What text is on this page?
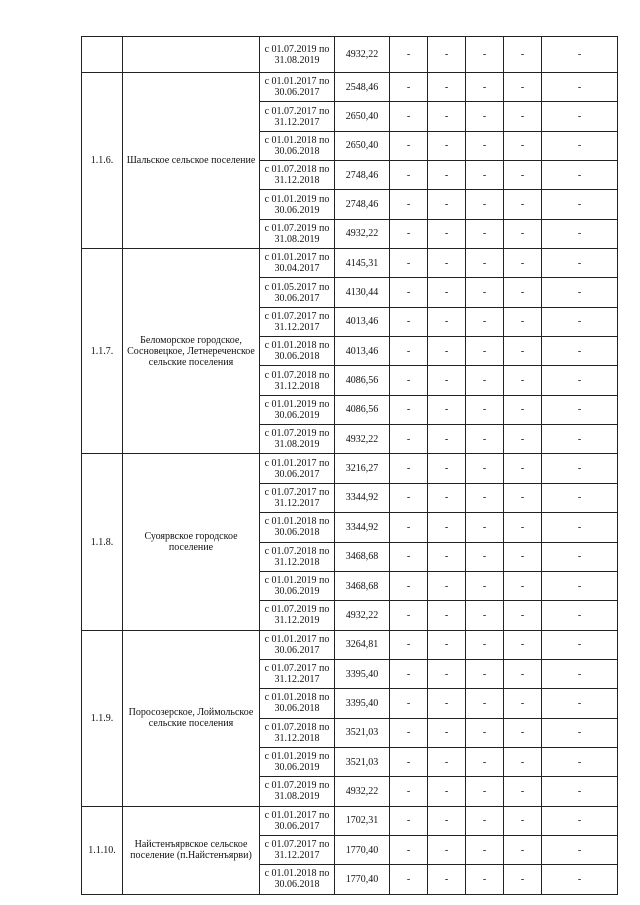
		с 01.07.2019 по 31.08.2019	4932,22	-	-	-	-	-
1.1.6.	Шальское сельское поселение	с 01.01.2017 по 30.06.2017	2548,46	-	-	-	-	-
		с 01.07.2017 по 31.12.2017	2650,40	-	-	-	-	-
		с 01.01.2018 по 30.06.2018	2650,40	-	-	-	-	-
		с 01.07.2018 по 31.12.2018	2748,46	-	-	-	-	-
		с 01.01.2019 по 30.06.2019	2748,46	-	-	-	-	-
		с 01.07.2019 по 31.08.2019	4932,22	-	-	-	-	-
1.1.7.	Беломорское городское, Сосновецкое, Летнереченское сельские поселения	с 01.01.2017 по 30.04.2017	4145,31	-	-	-	-	-
		с 01.05.2017 по 30.06.2017	4130,44	-	-	-	-	-
		с 01.07.2017 по 31.12.2017	4013,46	-	-	-	-	-
		с 01.01.2018 по 30.06.2018	4013,46	-	-	-	-	-
		с 01.07.2018 по 31.12.2018	4086,56	-	-	-	-	-
		с 01.01.2019 по 30.06.2019	4086,56	-	-	-	-	-
		с 01.07.2019 по 31.08.2019	4932,22	-	-	-	-	-
1.1.8.	Суоярвское городское поселение	с 01.01.2017 по 30.06.2017	3216,27	-	-	-	-	-
		с 01.07.2017 по 31.12.2017	3344,92	-	-	-	-	-
		с 01.01.2018 по 30.06.2018	3344,92	-	-	-	-	-
		с 01.07.2018 по 31.12.2018	3468,68	-	-	-	-	-
		с 01.01.2019 по 30.06.2019	3468,68	-	-	-	-	-
		с 01.07.2019 по 31.12.2019	4932,22	-	-	-	-	-
1.1.9.	Поросозерское, Лоймольское сельские поселения	с 01.01.2017 по 30.06.2017	3264,81	-	-	-	-	-
		с 01.07.2017 по 31.12.2017	3395,40	-	-	-	-	-
		с 01.01.2018 по 30.06.2018	3395,40	-	-	-	-	-
		с 01.07.2018 по 31.12.2018	3521,03	-	-	-	-	-
		с 01.01.2019 по 30.06.2019	3521,03	-	-	-	-	-
		с 01.07.2019 по 31.08.2019	4932,22	-	-	-	-	-
1.1.10.	Найстенъярвское сельское поселение (п.Найстенъярви)	с 01.01.2017 по 30.06.2017	1702,31	-	-	-	-	-
		с 01.07.2017 по 31.12.2017	1770,40	-	-	-	-	-
		с 01.01.2018 по 30.06.2018	1770,40	-	-	-	-	-
